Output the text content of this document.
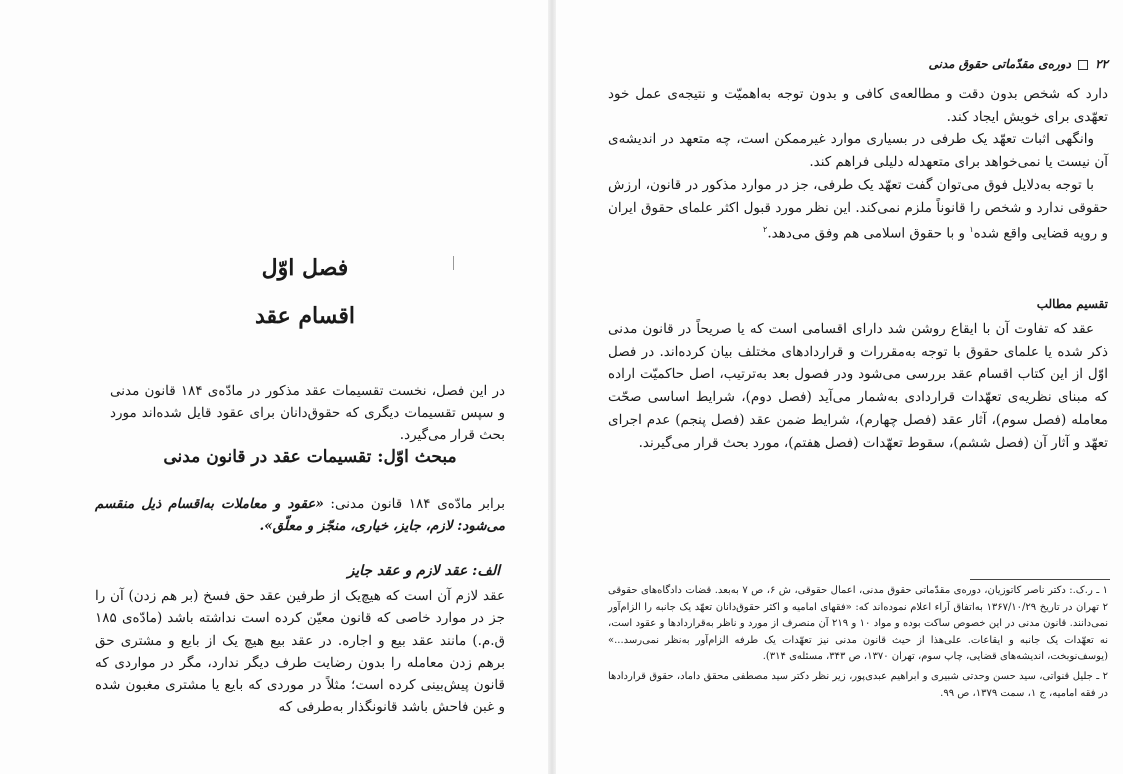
فصل اوّل
اقسام عقد
در این فصل، نخست تقسیمات عقد مذکور در مادّه‌ی ۱۸۴ قانون مدنی و سپس تقسیمات دیگری که حقوق‌دانان برای عقود قایل شده‌اند مورد بحث قرار می‌گیرد.
مبحث اوّل: تقسیمات عقد در قانون مدنی
برابر مادّه‌ی ۱۸۴ قانون مدنی: «عقود و معاملات به‌اقسام ذیل منقسم می‌شود: لازم، جایز، خیاری، منجّز و معلّق».
الف: عقد لازم و عقد جایز
عقد لازم آن است که هیچ‌یک از طرفین عقد حق فسخ (بر هم زدن) آن را جز در موارد خاصی که قانون معیّن کرده است نداشته باشد (مادّه‌ی ۱۸۵ ق.م.) مانند عقد بیع و اجاره. در عقد بیع هیچ یک از بایع و مشتری حق برهم زدن معامله را بدون رضایت طرف دیگر ندارد، مگر در مواردی که قانون پیش‌بینی کرده است؛ مثلاً در موردی که بایع یا مشتری مغبون شده و غبن فاحش باشد قانونگذار به‌طرفی که
۲۲ دوره‌ی مقدّماتی حقوق مدنی

دارد که شخص بدون دقت و مطالعه‌ی کافی و بدون توجه به‌اهمیّت و نتیجه‌ی عمل خود تعهّدی برای خویش ایجاد کند.

وانگهی اثبات تعهّد یک طرفی در بسیاری موارد غیرممکن است، چه متعهد در اندیشه‌ی آن نیست یا نمی‌خواهد برای متعهدله دلیلی فراهم کند.

با توجه به‌دلایل فوق می‌توان گفت تعهّد یک طرفی، جز در موارد مذکور در قانون، ارزش حقوقی ندارد و شخص را قانوناً ملزم نمی‌کند. این نظر مورد قبول اکثر علمای حقوق ایران و رویه قضایی واقع شده$^۱$ و با حقوق اسلامی هم وفق می‌دهد.$^۲$

تقسیم مطالب

عقد که تفاوت آن با ایقاع روشن شد دارای اقسامی است که یا صریحاً در قانون مدنی ذکر شده یا علمای حقوق با توجه به‌مقررات و قراردادهای مختلف بیان کرده‌اند. در فصل اوّل از این کتاب اقسام عقد بررسی می‌شود ودر فصول بعد به‌ترتیب، اصل حاکمیّت اراده که مبنای نظریه‌ی تعهّدات قراردادی به‌شمار می‌آید (فصل دوم)، شرایط اساسی صحّت معامله (فصل سوم)، آثار عقد (فصل چهارم)، شرایط ضمن عقد (فصل پنجم) عدم اجرای تعهّد و آثار آن (فصل ششم)، سقوط تعهّدات (فصل هفتم)، مورد بحث قرار می‌گیرند.

۱ ـ ر.ک.: دکتر ناصر کاتوزیان، دوره‌ی مقدّماتی حقوق مدنی، اعمال حقوقی، ش ۶، ص ۷ به‌بعد. قضات دادگاه‌های حقوقی ۲ تهران در تاریخ ۱۳۶۷/۱۰/۲۹ به‌اتفاق آراء اعلام نموده‌اند که: «فقهای امامیه و اکثر حقوق‌دانان تعهّد یک جانبه را الزام‌آور نمی‌دانند. قانون مدنی در این خصوص ساکت بوده و مواد ۱۰ و ۲۱۹ آن منصرف از مورد و ناظر به‌قراردادها و عقود است، نه تعهّدات یک جانبه و ایقاعات. علی‌هذا از حیث قانون مدنی نیز تعهّدات یک طرفه الزام‌آور به‌نظر نمی‌رسد...» (یوسف‌نوبخت، اندیشه‌های قضایی، چاپ سوم، تهران ۱۳۷۰، ص ۳۴۳، مسئله‌ی ۳۱۴).

۲ ـ جلیل قنواتی، سید حسن وحدتی شبیری و ابراهیم عبدی‌پور، زیر نظر دکتر سید مصطفی محقق داماد، حقوق قراردادها در فقه امامیه، ج ۱، سمت ۱۳۷۹، ص ۹۹.
